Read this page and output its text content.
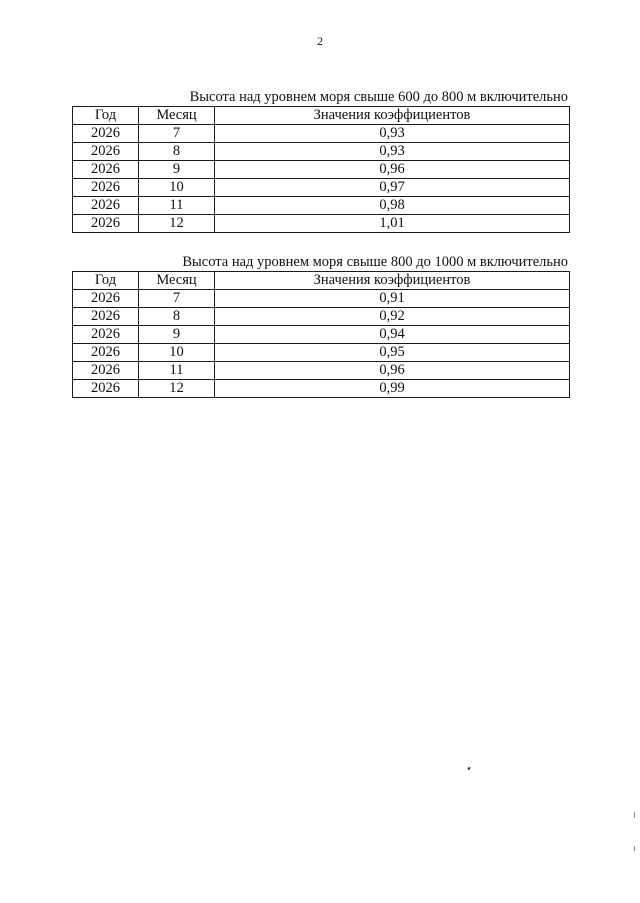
2
Высота над уровнем моря свыше 600 до 800 м включительно
Год	Месяц	Значения коэффициентов
2026	7	0,93
2026	8	0,93
2026	9	0,96
2026	10	0,97
2026	11	0,98
2026	12	1,01
Высота над уровнем моря свыше 800 до 1000 м включительно
Год	Месяц	Значения коэффициентов
2026	7	0,91
2026	8	0,92
2026	9	0,94
2026	10	0,95
2026	11	0,96
2026	12	0,99
